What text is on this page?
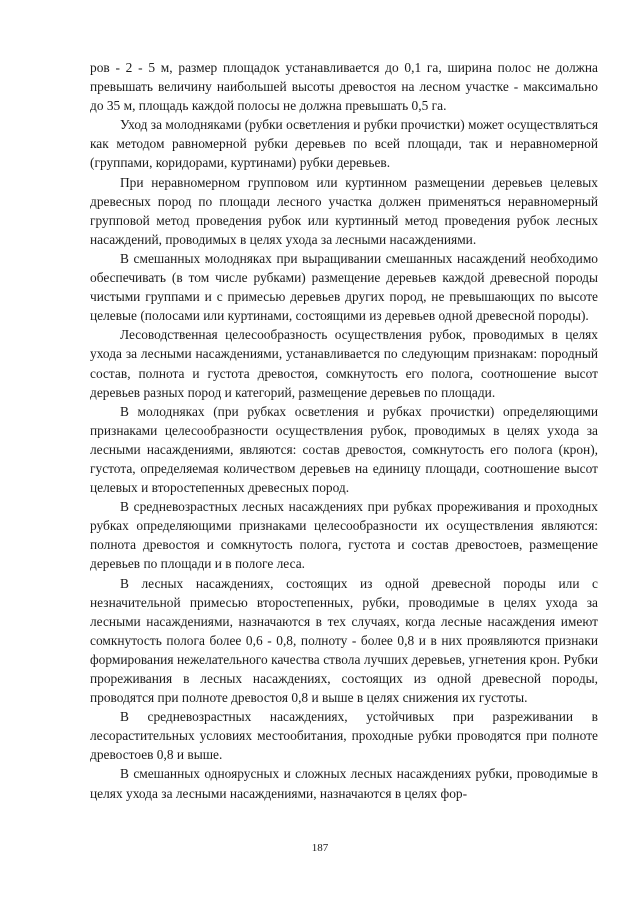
ров - 2 - 5 м, размер площадок устанавливается до 0,1 га, ширина полос не должна превышать величину наибольшей высоты древостоя на лесном участке - максимально до 35 м, площадь каждой полосы не должна превышать 0,5 га.

Уход за молодняками (рубки осветления и рубки прочистки) может осуществляться как методом равномерной рубки деревьев по всей площади, так и неравномерной (группами, коридорами, куртинами) рубки деревьев.

При неравномерном групповом или куртинном размещении деревьев целевых древесных пород по площади лесного участка должен применяться неравномерный групповой метод проведения рубок или куртинный метод проведения рубок лесных насаждений, проводимых в целях ухода за лесными насаждениями.

В смешанных молодняках при выращивании смешанных насаждений необходимо обеспечивать (в том числе рубками) размещение деревьев каждой древесной породы чистыми группами и с примесью деревьев других пород, не превышающих по высоте целевые (полосами или куртинами, состоящими из деревьев одной древесной породы).

Лесоводственная целесообразность осуществления рубок, проводимых в целях ухода за лесными насаждениями, устанавливается по следующим признакам: породный состав, полнота и густота древостоя, сомкнутость его полога, соотношение высот деревьев разных пород и категорий, размещение деревьев по площади.

В молодняках (при рубках осветления и рубках прочистки) определяющими признаками целесообразности осуществления рубок, проводимых в целях ухода за лесными насаждениями, являются: состав древостоя, сомкнутость его полога (крон), густота, определяемая количеством деревьев на единицу площади, соотношение высот целевых и второстепенных древесных пород.

В средневозрастных лесных насаждениях при рубках прореживания и проходных рубках определяющими признаками целесообразности их осуществления являются: полнота древостоя и сомкнутость полога, густота и состав древостоев, размещение деревьев по площади и в пологе леса.

В лесных насаждениях, состоящих из одной древесной породы или с незначительной примесью второстепенных, рубки, проводимые в целях ухода за лесными насаждениями, назначаются в тех случаях, когда лесные насаждения имеют сомкнутость полога более 0,6 - 0,8, полноту - более 0,8 и в них проявляются признаки формирования нежелательного качества ствола лучших деревьев, угнетения крон. Рубки прореживания в лесных насаждениях, состоящих из одной древесной породы, проводятся при полноте древостоя 0,8 и выше в целях снижения их густоты.

В средневозрастных насаждениях, устойчивых при разреживании в лесорастительных условиях местообитания, проходные рубки проводятся при полноте древостоев 0,8 и выше.

В смешанных одноярусных и сложных лесных насаждениях рубки, проводимые в целях ухода за лесными насаждениями, назначаются в целях фор-

187
